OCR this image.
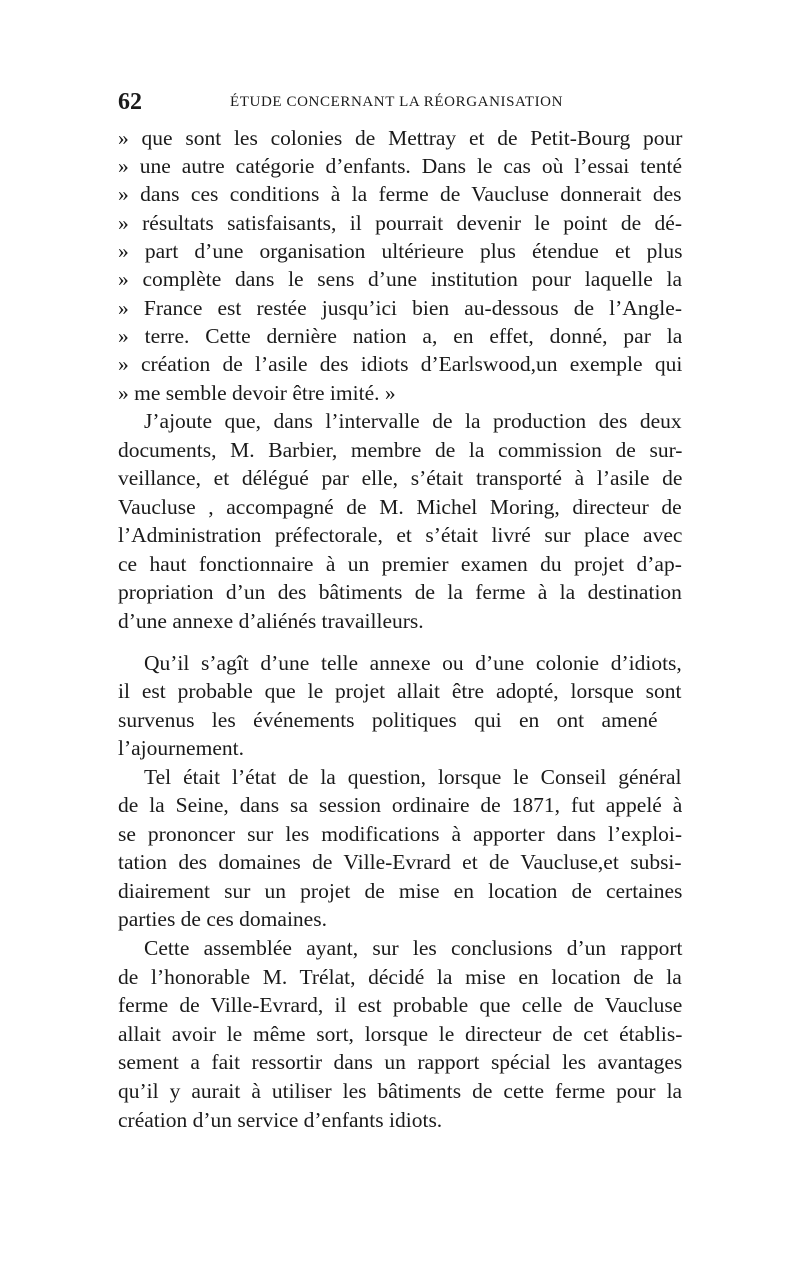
62	ÉTUDE CONCERNANT LA RÉORGANISATION
» que sont les colonies de Mettray et de Petit-Bourg pour
» une autre catégorie d’enfants. Dans le cas où l’essai tenté
» dans ces conditions à la ferme de Vaucluse donnerait des
» résultats satisfaisants, il pourrait devenir le point de dé-
» part d’une organisation ultérieure plus étendue et plus
» complète dans le sens d’une institution pour laquelle la
» France est restée jusqu’ici bien au-dessous de l’Angle-
» terre. Cette dernière nation a, en effet, donné, par la
» création de l’asile des idiots d’Earlswood,un exemple qui
» me semble devoir être imité. »
J’ajoute que, dans l’intervalle de la production des deux
documents, M. Barbier, membre de la commission de sur-
veillance, et délégué par elle, s’était transporté à l’asile de
Vaucluse , accompagné de M. Michel Moring, directeur de
l’Administration préfectorale, et s’était livré sur place avec
ce haut fonctionnaire à un premier examen du projet d’ap-
propriation d’un des bâtiments de la ferme à la destination
d’une annexe d’aliénés travailleurs.
Qu’il s’agît d’une telle annexe ou d’une colonie d’idiots,
il est probable que le projet allait être adopté, lorsque sont
survenus les événements politiques qui en ont amené
l’ajournement.
Tel était l’état de la question, lorsque le Conseil général
de la Seine, dans sa session ordinaire de 1871, fut appelé à
se prononcer sur les modifications à apporter dans l’exploi-
tation des domaines de Ville-Evrard et de Vaucluse,et subsi-
diairement sur un projet de mise en location de certaines
parties de ces domaines.
Cette assemblée ayant, sur les conclusions d’un rapport
de l’honorable M. Trélat, décidé la mise en location de la
ferme de Ville-Evrard, il est probable que celle de Vaucluse
allait avoir le même sort, lorsque le directeur de cet établis-
sement a fait ressortir dans un rapport spécial les avantages
qu’il y aurait à utiliser les bâtiments de cette ferme pour la
création d’un service d’enfants idiots.
